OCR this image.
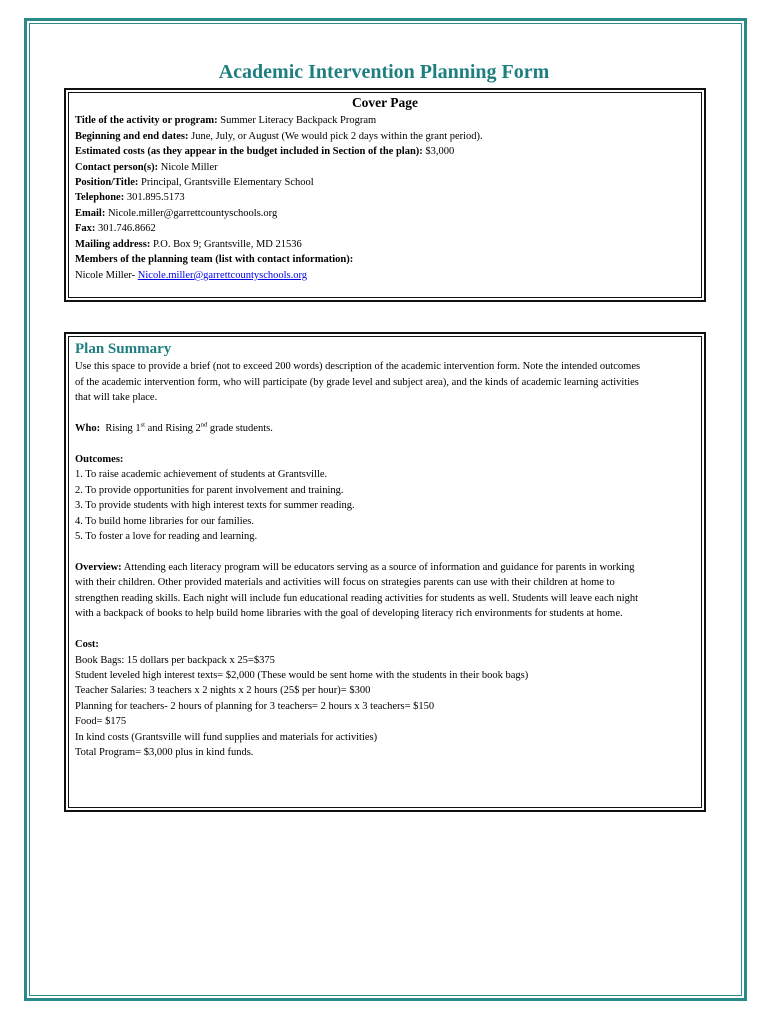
Academic Intervention Planning Form
Cover Page
Title of the activity or program: Summer Literacy Backpack Program
Beginning and end dates: June, July, or August (We would pick 2 days within the grant period).
Estimated costs (as they appear in the budget included in Section of the plan): $3,000
Contact person(s): Nicole Miller
Position/Title: Principal, Grantsville Elementary School
Telephone: 301.895.5173
Email: Nicole.miller@garrettcountyschools.org
Fax: 301.746.8662
Mailing address: P.O. Box 9; Grantsville, MD 21536
Members of the planning team (list with contact information):
Nicole Miller- Nicole.miller@garrettcountyschools.org
Plan Summary
Use this space to provide a brief (not to exceed 200 words) description of the academic intervention form. Note the intended outcomes
of the academic intervention form, who will participate (by grade level and subject area), and the kinds of academic learning activities
that will take place.
Who: Rising 1st and Rising 2nd grade students.
Outcomes:
1. To raise academic achievement of students at Grantsville.
2. To provide opportunities for parent involvement and training.
3. To provide students with high interest texts for summer reading.
4. To build home libraries for our families.
5. To foster a love for reading and learning.
Overview: Attending each literacy program will be educators serving as a source of information and guidance for parents in working
with their children. Other provided materials and activities will focus on strategies parents can use with their children at home to
strengthen reading skills. Each night will include fun educational reading activities for students as well. Students will leave each night
with a backpack of books to help build home libraries with the goal of developing literacy rich environments for students at home.
Cost:
Book Bags: 15 dollars per backpack x 25=$375
Student leveled high interest texts= $2,000 (These would be sent home with the students in their book bags)
Teacher Salaries: 3 teachers x 2 nights x 2 hours (25$ per hour)= $300
Planning for teachers- 2 hours of planning for 3 teachers= 2 hours x 3 teachers= $150
Food= $175
In kind costs (Grantsville will fund supplies and materials for activities)
Total Program= $3,000 plus in kind funds.
